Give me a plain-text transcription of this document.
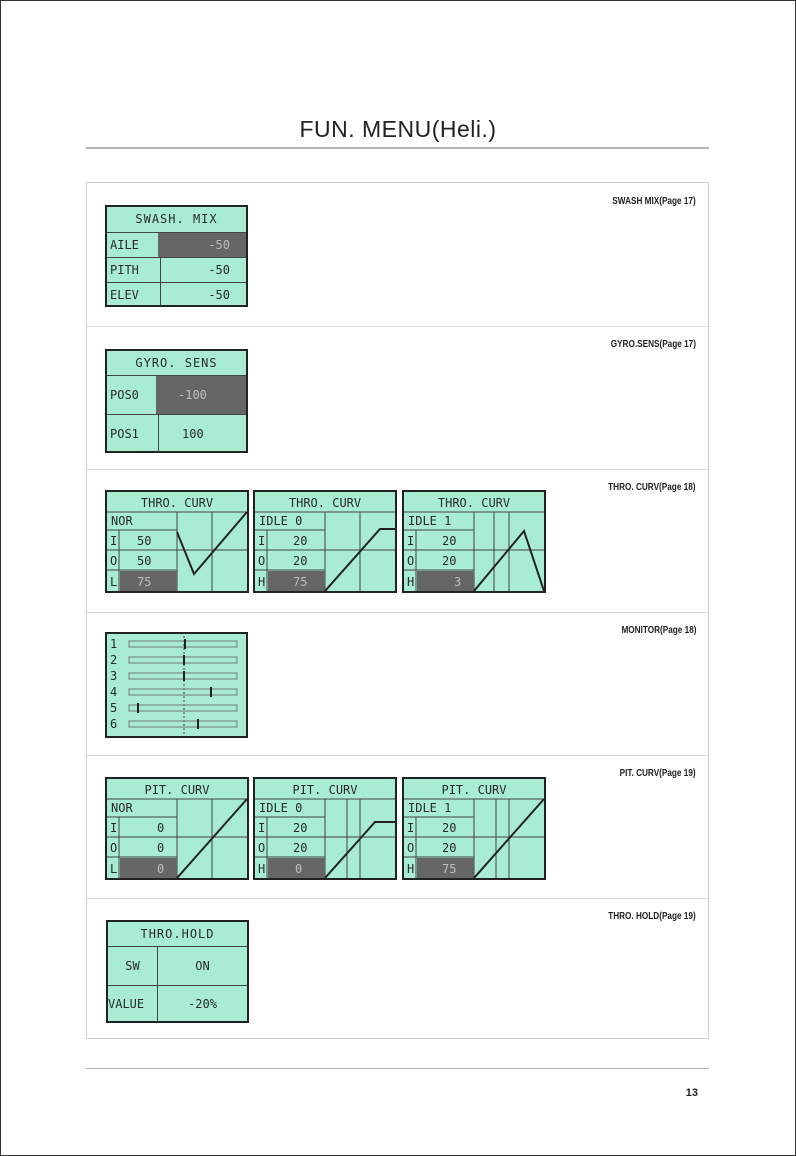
FUN. MENU(Heli.)
SWASH MIX(Page 17)
SWASH. MIX
AILE	-50
PITH	-50
ELEV	-50
GYRO.SENS(Page 17)
GYRO. SENS
POS0	-100
POS1	100
THRO. CURV(Page 18)
THRO. CURV
NOR
I 50
O 50
L 75
THRO. CURV
IDLE 0
I 20
O 20
H 75
THRO. CURV
IDLE 1
I 20
O 20
H	3
MONITOR(Page 18)
1
2
3
4
5
6
PIT. CURV(Page 19)
PIT. CURV
NOR
I	0
O	0
L	0
PIT. CURV
IDLE 0
I 20
O 20
H 0
PIT. CURV
IDLE 1
I 20
O 20
H 75
THRO. HOLD(Page 19)
THRO.HOLD
SW	ON
VALUE	-20%
13
